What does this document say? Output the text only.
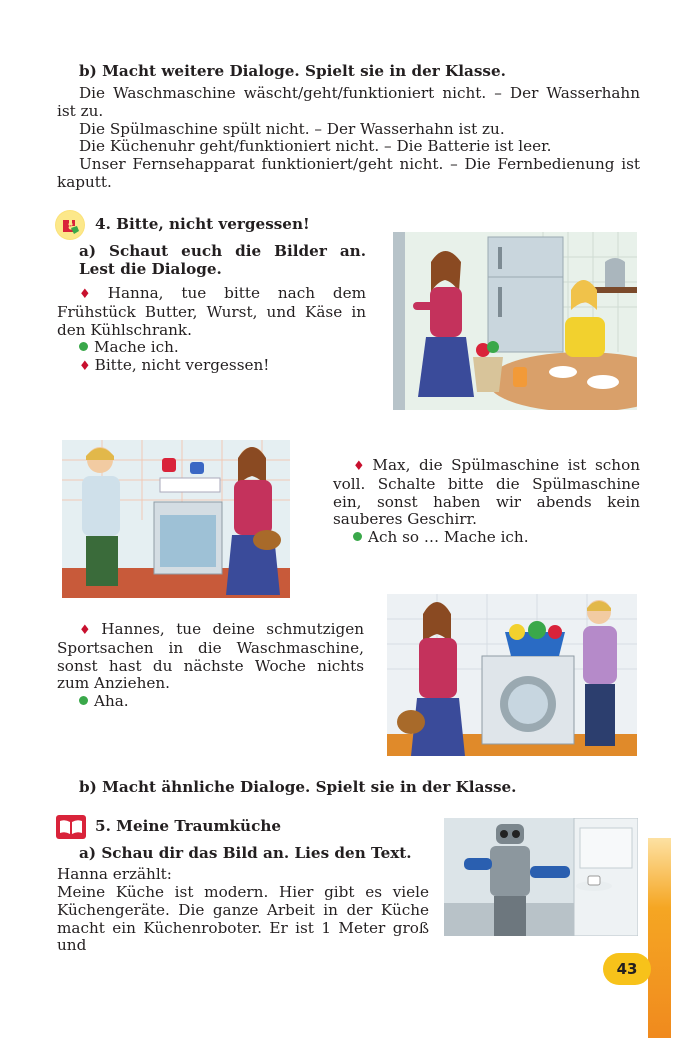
b) Macht weitere Dialoge. Spielt sie in der Klasse.
Die Waschmaschine wäscht/geht/funktioniert nicht. – Der Wasserhahn ist zu.
Die Spülmaschine spült nicht. – Der Wasserhahn ist zu.
Die Küchenuhr geht/funktioniert nicht. – Die Batterie ist leer.
Unser Fernsehapparat funktioniert/geht nicht. – Die Fernbedienung ist kaputt.
4. Bitte, nicht vergessen!
a) Schaut euch die Bilder an. Lest die Dialoge.
♦ Hanna, tue bitte nach dem Frühstück Butter, Wurst, und Käse in den Kühlschrank.
Mache ich.
♦ Bitte, nicht vergessen!
♦ Max, die Spülmaschine ist schon voll. Schalte bitte die Spülmaschine ein, sonst haben wir abends kein sauberes Geschirr.
Ach so … Mache ich.
♦ Hannes, tue deine schmutzigen Sportsachen in die Waschmaschine, sonst hast du nächste Woche nichts zum Anziehen.
Aha.
b) Macht ähnliche Dialoge. Spielt sie in der Klasse.
5. Meine Traumküche
a) Schau dir das Bild an. Lies den Text.
Hanna erzählt:
Meine Küche ist modern. Hier gibt es viele Küchengeräte. Die ganze Arbeit in der Küche macht ein Küchenroboter. Er ist 1 Meter groß und
43
